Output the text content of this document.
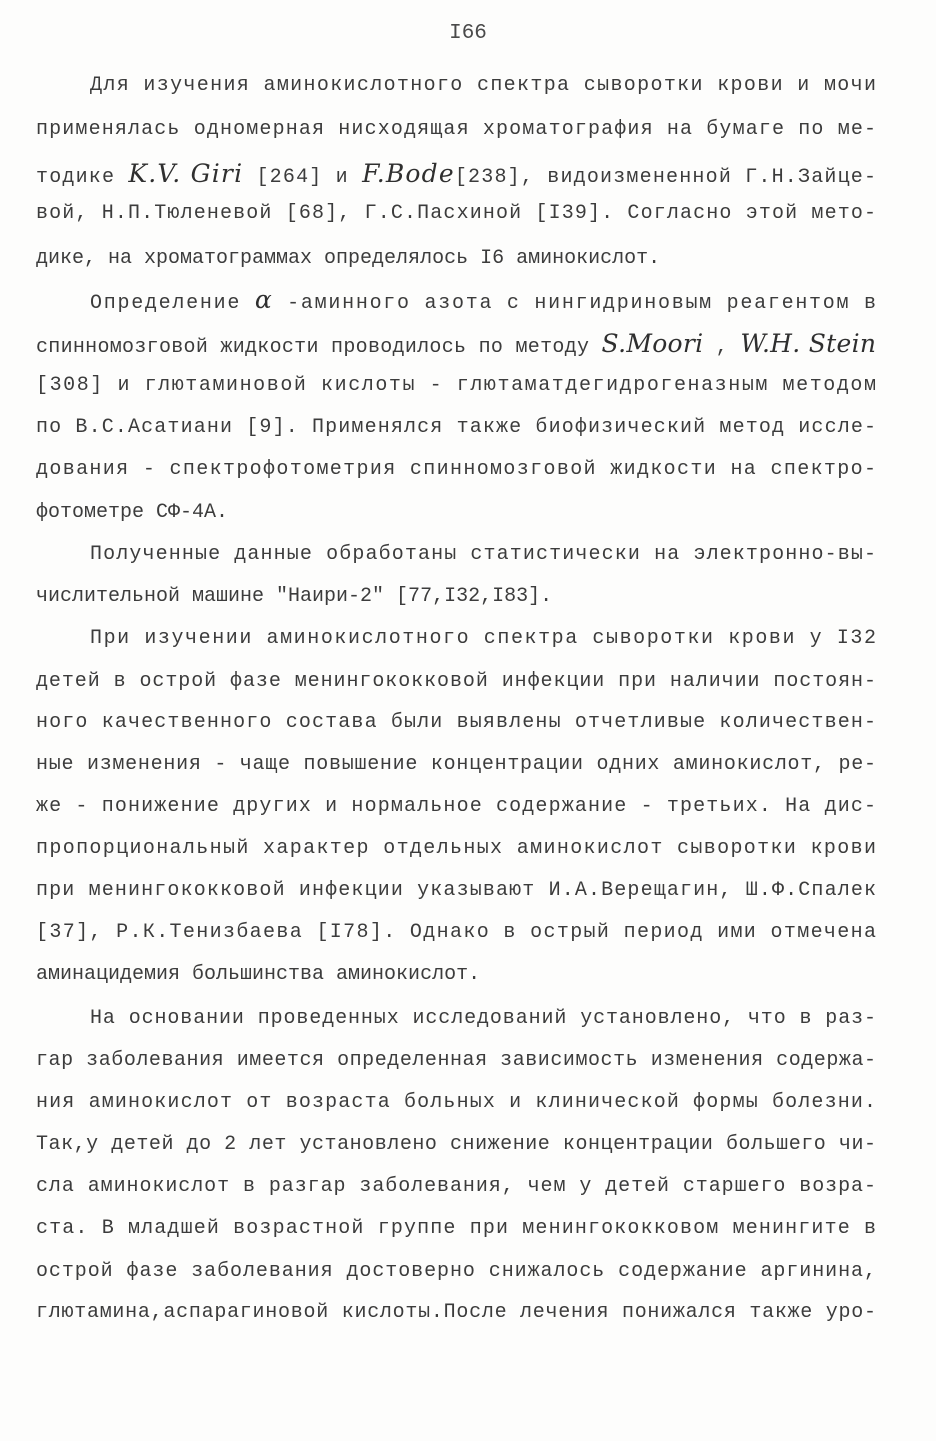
I66
Для изучения аминокислотного спектра сыворотки крови и мочи
применялась одномерная нисходящая хроматография на бумаге по ме-
тодике K.V. Giri [264] и F.Bode[238], видоизмененной Г.Н.Зайце-
вой, Н.П.Тюленевой [68], Г.С.Пасхиной [I39]. Согласно этой мето-
дике, на хроматограммах определялось I6 аминокислот.
Определение α -аминного азота с нингидриновым реагентом в
спинномозговой жидкости проводилось по методу S.Moori , W.H. Stein
[308] и глютаминовой кислоты - глютаматдегидрогеназным методом
по В.С.Асатиани [9]. Применялся также биофизический метод иссле-
дования - спектрофотометрия спинномозговой жидкости на спектро-
фотометре СФ-4А.
Полученные данные обработаны статистически на электронно-вы-
числительной машине "Наири-2" [77,I32,I83].
При изучении аминокислотного спектра сыворотки крови у I32
детей в острой фазе менингококковой инфекции при наличии постоян-
ного качественного состава были выявлены отчетливые количествен-
ные изменения - чаще повышение концентрации одних аминокислот, ре-
же - понижение других и нормальное содержание - третьих. На дис-
пропорциональный характер отдельных аминокислот сыворотки крови
при менингококковой инфекции указывают И.А.Верещагин, Ш.Ф.Спалек
[37], Р.К.Тенизбаева [I78]. Однако в острый период ими отмечена
аминацидемия большинства аминокислот.
На основании проведенных исследований установлено, что в раз-
гар заболевания имеется определенная зависимость изменения содержа-
ния аминокислот от возраста больных и клинической формы болезни.
Так,у детей до 2 лет установлено снижение концентрации большего чи-
сла аминокислот в разгар заболевания, чем у детей старшего возра-
ста. В младшей возрастной группе при менингококковом менингите в
острой фазе заболевания достоверно снижалось содержание аргинина,
глютамина,аспарагиновой кислоты.После лечения понижался также уро-
